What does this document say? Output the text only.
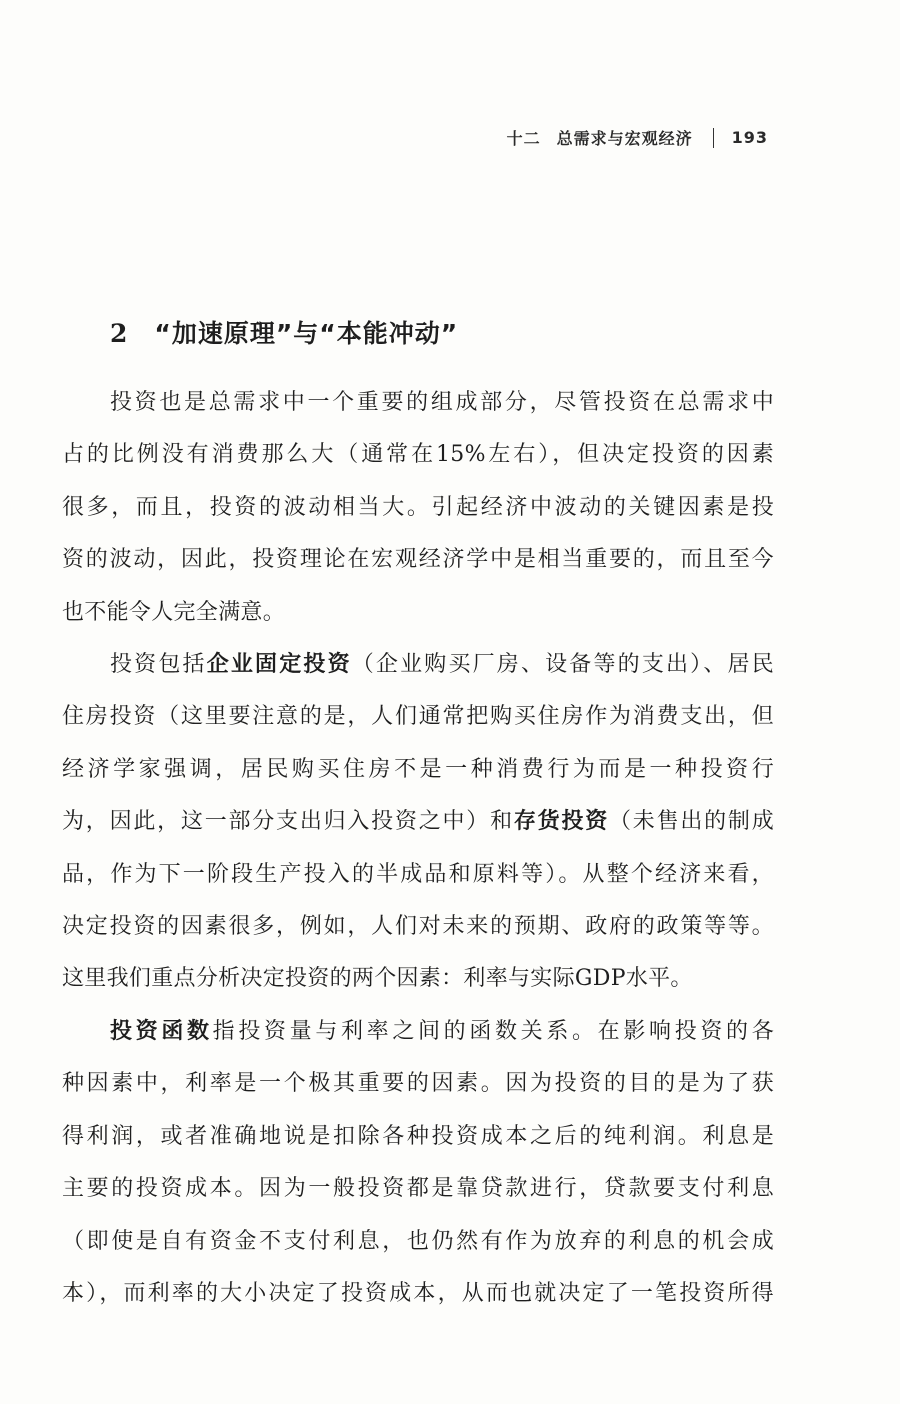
十二 总需求与宏观经济 193
2 “加速原理”与“本能冲动”

投资也是总需求中一个重要的组成部分，尽管投资在总需求中
占的比例没有消费那么大（通常在15%左右），但决定投资的因素
很多，而且，投资的波动相当大。引起经济中波动的关键因素是投
资的波动，因此，投资理论在宏观经济学中是相当重要的，而且至今
也不能令人完全满意。

投资包括企业固定投资（企业购买厂房、设备等的支出）、居民
住房投资（这里要注意的是，人们通常把购买住房作为消费支出，但
经济学家强调，居民购买住房不是一种消费行为而是一种投资行
为，因此，这一部分支出归入投资之中）和存货投资（未售出的制成
品，作为下一阶段生产投入的半成品和原料等）。从整个经济来看，
决定投资的因素很多，例如，人们对未来的预期、政府的政策等等。
这里我们重点分析决定投资的两个因素：利率与实际GDP水平。

投资函数指投资量与利率之间的函数关系。在影响投资的各
种因素中，利率是一个极其重要的因素。因为投资的目的是为了获
得利润，或者准确地说是扣除各种投资成本之后的纯利润。利息是
主要的投资成本。因为一般投资都是靠贷款进行，贷款要支付利息
（即使是自有资金不支付利息，也仍然有作为放弃的利息的机会成
本），而利率的大小决定了投资成本，从而也就决定了一笔投资所得
